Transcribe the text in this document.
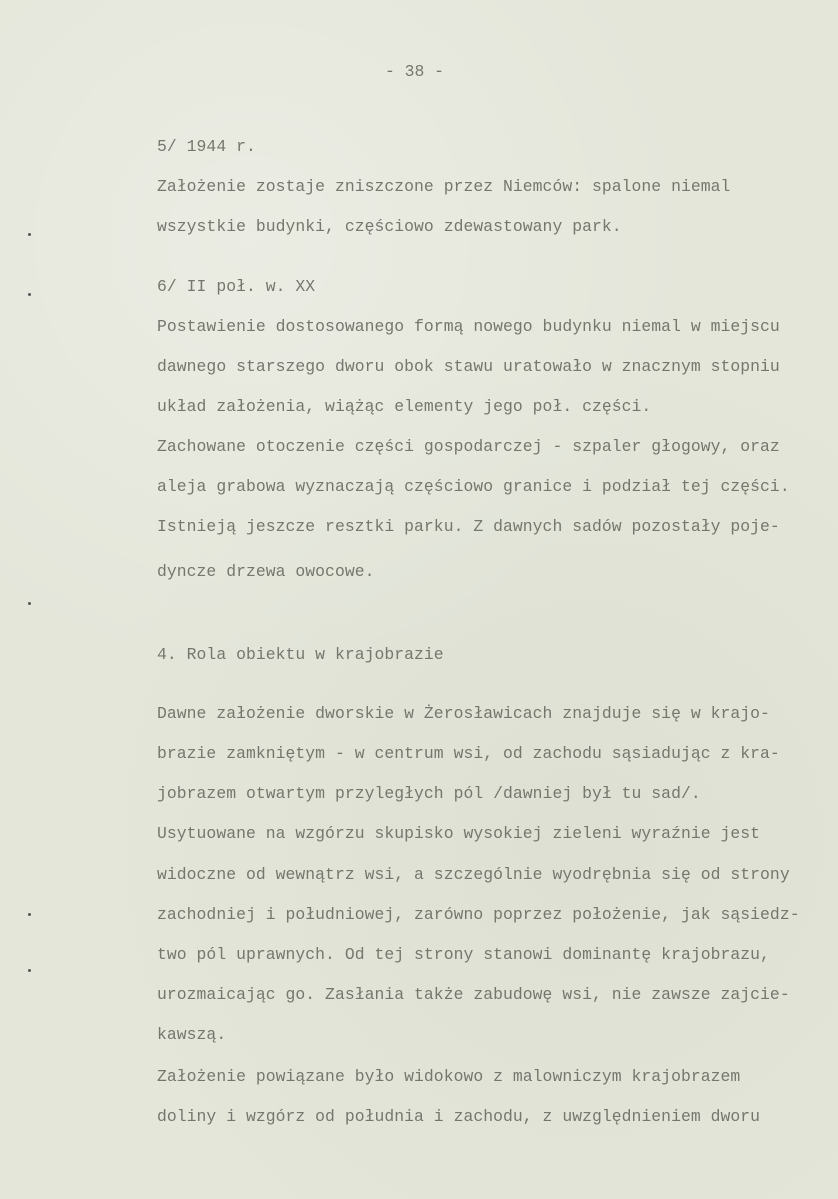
- 38 -
5/ 1944 r.
Założenie zostaje zniszczone przez Niemców: spalone niemal
wszystkie budynki, częściowo zdewastowany park.
6/ II poł. w. XX
Postawienie dostosowanego formą nowego budynku niemal w miejscu
dawnego starszego dworu obok stawu uratowało w znacznym stopniu
układ założenia, wiążąc elementy jego poł. części.
Zachowane otoczenie części gospodarczej - szpaler głogowy, oraz
aleja grabowa wyznaczają częściowo granice i podział tej części.
Istnieją jeszcze resztki parku. Z dawnych sadów pozostały poje-
dyncze drzewa owocowe.
4. Rola obiektu w krajobrazie
Dawne założenie dworskie w Żerosławicach znajduje się w krajo-
brazie zamkniętym - w centrum wsi, od zachodu sąsiadując z kra-
jobrazem otwartym przyległych pól /dawniej był tu sad/.
Usytuowane na wzgórzu skupisko wysokiej zieleni wyraźnie jest
widoczne od wewnątrz wsi, a szczególnie wyodrębnia się od strony
zachodniej i południowej, zarówno poprzez położenie, jak sąsiedz-
two pól uprawnych. Od tej strony stanowi dominantę krajobrazu,
urozmaicając go. Zasłania także zabudowę wsi, nie zawsze zajcie-
kawszą.
Założenie powiązane było widokowo z malowniczym krajobrazem
doliny i wzgórz od południa i zachodu, z uwzględnieniem dworu
